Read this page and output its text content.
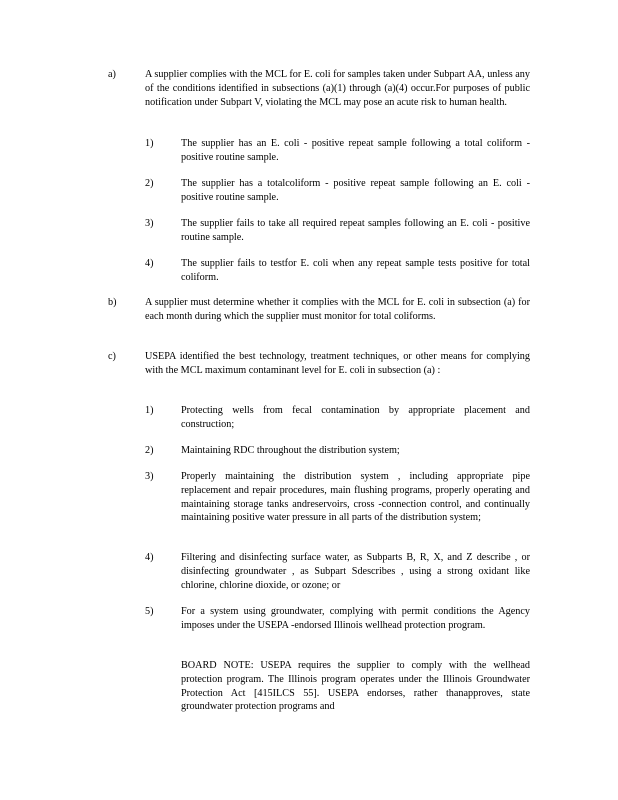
a)	A supplier complies with the MCL for E. coli for samples taken under Subpart AA, unless any of the conditions identified in subsections (a)(1) through (a)(4) occur.For purposes of public notification under Subpart V, violating the MCL may pose an acute risk to human health.
1)	The supplier has an E. coli - positive repeat sample following a total coliform -positive routine sample.
2)	The supplier has a totalcoliform - positive repeat sample following an E. coli -positive routine sample.
3)	The supplier fails to take all required repeat samples following an E. coli - positive routine sample.
4)	The supplier fails to testfor E. coli when any repeat sample tests positive for total coliform.
b)	A supplier must determine whether it complies with the MCL for E. coli in subsection (a) for each month during which the supplier must monitor for total coliforms.
c)	USEPA identified the best technology, treatment techniques, or other means for complying with the MCL maximum contaminant level for E. coli in subsection (a) :
1)	Protecting wells from fecal contamination by appropriate placement and construction;
2)	Maintaining RDC throughout the distribution system;
3)	Properly maintaining the distribution system , including appropriate pipe replacement and repair procedures, main flushing programs, properly operating and maintaining storage tanks andreservoirs, cross -connection control, and continually maintaining positive water pressure in all parts of the distribution system;
4)	Filtering and disinfecting surface water, as Subparts B, R, X, and Z describe , or disinfecting groundwater , as Subpart Sdescribes , using a strong oxidant like chlorine, chlorine dioxide, or ozone; or
5)	For a system using groundwater, complying with permit conditions the Agency imposes under the USEPA -endorsed Illinois wellhead protection program.
BOARD NOTE: USEPA requires the supplier to comply with the wellhead protection program. The Illinois program operates under the Illinois Groundwater Protection Act [415ILCS 55]. USEPA endorses, rather thanapproves, state groundwater protection programs and
